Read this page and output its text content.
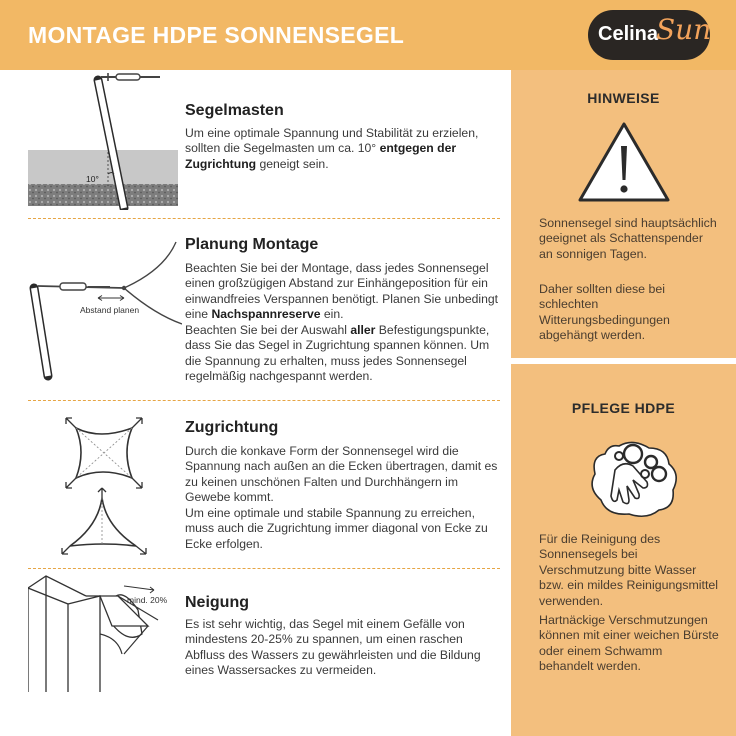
MONTAGE HDPE SONNENSEGEL	Celina
Sun
HINWEISE
Sonnensegel sind hauptsächlich geeignet als Schattenspender an sonnigen Tagen.
Daher sollten diese bei schlechten Witterungsbedingungen abgehängt werden.
PFLEGE HDPE
Für die Reinigung des Sonnensegels bei Verschmutzung bitte Wasser bzw. ein mildes Reinigungsmittel verwenden.
Hartnäckige Verschmutzungen können mit einer weichen Bürste oder einem Schwamm behandelt werden.
10°
Segelmasten
Um eine optimale Spannung und Stabilität zu erzielen, sollten die Segelmasten um ca. 10° entgegen der Zugrichtung geneigt sein.
Abstand planen
Planung Montage
Beachten Sie bei der Montage, dass jedes Sonnensegel einen großzügigen Abstand zur Einhängeposition für ein einwandfreies Verspannen benötigt. Planen Sie unbedingt eine Nachspannreserve ein.
Beachten Sie bei der Auswahl aller Befestigungspunkte, dass Sie das Segel in Zugrichtung spannen können. Um die Spannung zu erhalten, muss jedes Sonnensegel regelmäßig nachgespannt werden.
Zugrichtung
Durch die konkave Form der Sonnensegel wird die Spannung nach außen an die Ecken übertragen, damit es zu keinen unschönen Falten und Durchhängern im Gewebe kommt.
Um eine optimale und stabile Spannung zu erreichen, muss auch die Zugrichtung immer diagonal von Ecke zu Ecke erfolgen.
mind. 20% Neigung
Es ist sehr wichtig, das Segel mit einem Gefälle von mindestens 20-25% zu spannen, um einen raschen Abfluss des Wassers zu gewährleisten und die Bildung eines Wassersackes zu vermeiden.
